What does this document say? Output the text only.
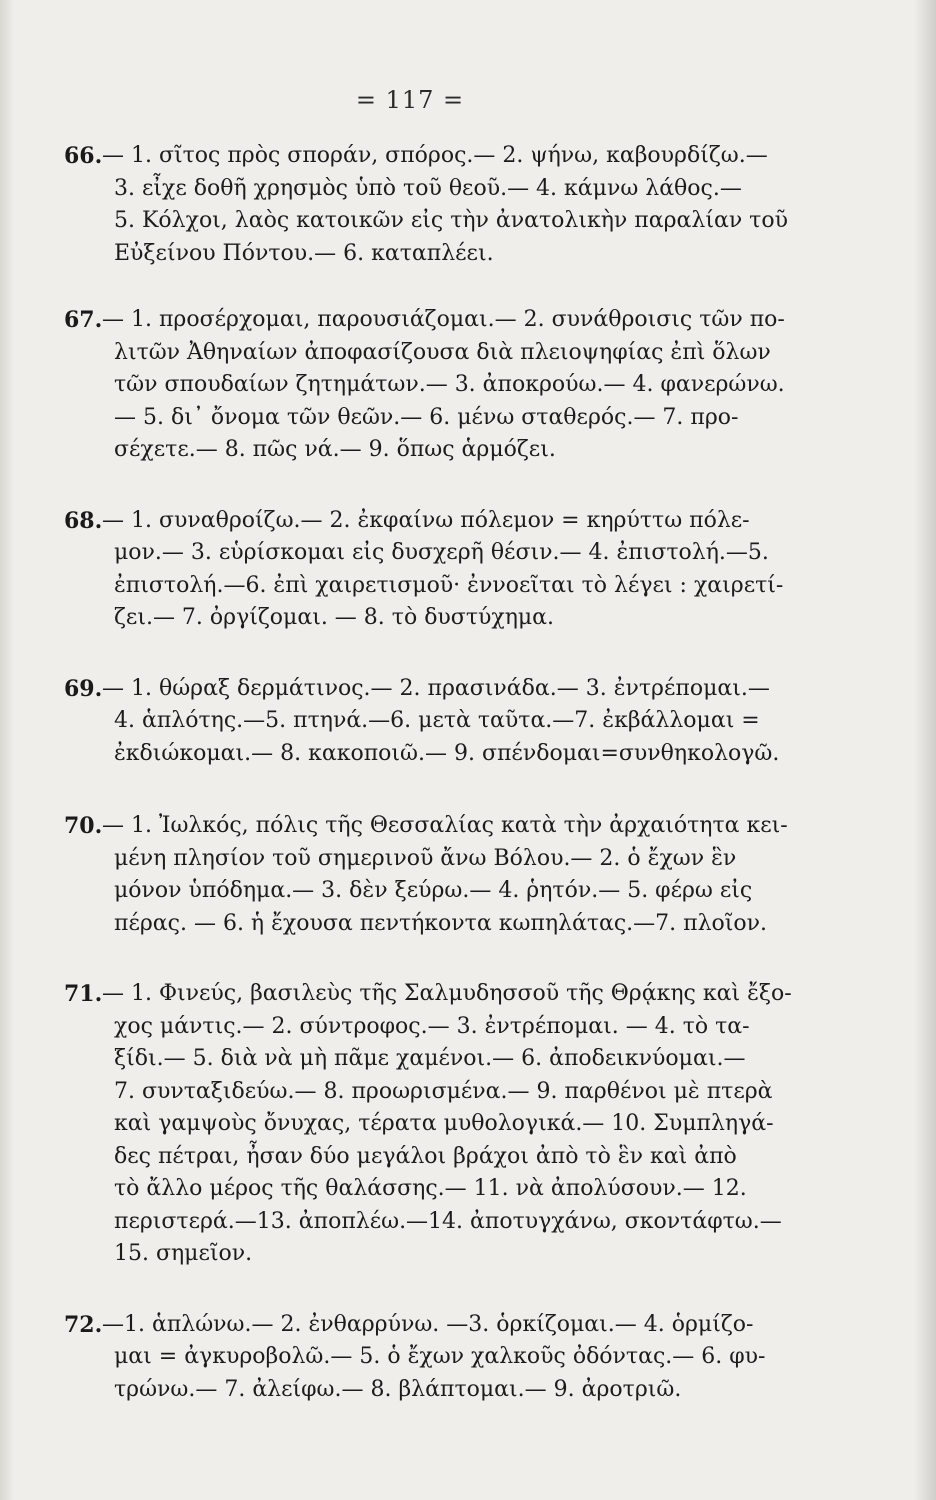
= 117 =
66. — 1. σῖτος πρὸς σποράν, σπόρος.— 2. ψήνω, καβουρδίζω.—
3. εἶχε δοθῆ χρησμὸς ὑπὸ τοῦ θεοῦ.— 4. κάμνω λάθος.—
5. Κόλχοι, λαὸς κατοικῶν εἰς τὴν ἀνατολικὴν παραλίαν τοῦ
Εὐξείνου Πόντου.— 6. καταπλέει.
67. — 1. προσέρχομαι, παρουσιάζομαι.— 2. συνάθροισις τῶν πο-
λιτῶν Ἀθηναίων ἀποφασίζουσα διὰ πλειοψηφίας ἐπὶ ὅλων
τῶν σπουδαίων ζητημάτων.— 3. ἀποκρούω.— 4. φανερώνω.
— 5. δι᾽ ὄνομα τῶν θεῶν.— 6. μένω σταθερός.— 7. προ-
σέχετε.— 8. πῶς νά.— 9. ὅπως ἁρμόζει.
68. — 1. συναθροίζω.— 2. ἐκφαίνω πόλεμον = κηρύττω πόλε-
μον.— 3. εὑρίσκομαι εἰς δυσχερῆ θέσιν.— 4. ἐπιστολή.—5.
ἐπιστολή.—6. ἐπὶ χαιρετισμοῦ· ἐννοεῖται τὸ λέγει : χαιρετί-
ζει.— 7. ὀργίζομαι. — 8. τὸ δυστύχημα.
69. — 1. θώραξ δερμάτινος.— 2. πρασινάδα.— 3. ἐντρέπομαι.—
4. ἁπλότης.—5. πτηνά.—6. μετὰ ταῦτα.—7. ἐκβάλλομαι =
ἐκδιώκομαι.— 8. κακοποιῶ.— 9. σπένδομαι=συνθηκολογῶ.
70. — 1. Ἰωλκός, πόλις τῆς Θεσσαλίας κατὰ τὴν ἀρχαιότητα κει-
μένη πλησίον τοῦ σημερινοῦ ἄνω Βόλου.— 2. ὁ ἔχων ἓν
μόνον ὑπόδημα.— 3. δὲν ξεύρω.— 4. ῥητόν.— 5. φέρω εἰς
πέρας. — 6. ἡ ἔχουσα πεντήκοντα κωπηλάτας.—7. πλοῖον.
71. — 1. Φινεύς, βασιλεὺς τῆς Σαλμυδησσοῦ τῆς Θρᾴκης καὶ ἔξο-
χος μάντις.— 2. σύντροφος.— 3. ἐντρέπομαι. — 4. τὸ τα-
ξίδι.— 5. διὰ νὰ μὴ πᾶμε χαμένοι.— 6. ἀποδεικνύομαι.—
7. συνταξιδεύω.— 8. προωρισμένα.— 9. παρθένοι μὲ πτερὰ
καὶ γαμψοὺς ὄνυχας, τέρατα μυθολογικά.— 10. Συμπληγά-
δες πέτραι, ἦσαν δύο μεγάλοι βράχοι ἀπὸ τὸ ἓν καὶ ἀπὸ
τὸ ἄλλο μέρος τῆς θαλάσσης.— 11. νὰ ἀπολύσουν.— 12.
περιστερά.—13. ἀποπλέω.—14. ἀποτυγχάνω, σκοντάφτω.—
15. σημεῖον.
72. —1. ἁπλώνω.— 2. ἐνθαρρύνω. —3. ὁρκίζομαι.— 4. ὁρμίζο-
μαι = ἀγκυροβολῶ.— 5. ὁ ἔχων χαλκοῦς ὀδόντας.— 6. φυ-
τρώνω.— 7. ἀλείφω.— 8. βλάπτομαι.— 9. ἀροτριῶ.
